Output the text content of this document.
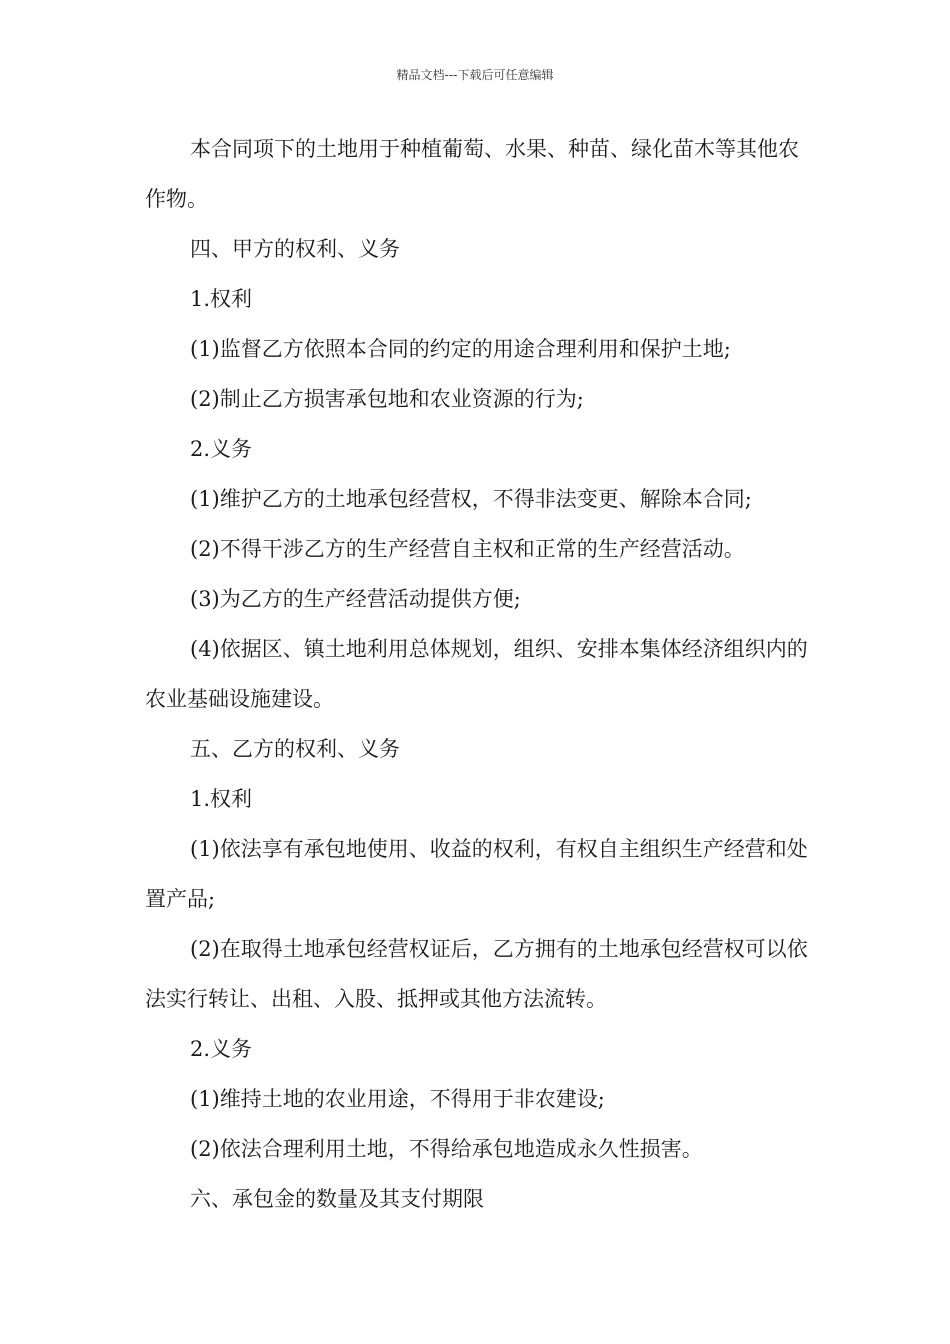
精品文档---下载后可任意编辑

本合同项下的土地用于种植葡萄、水果、种苗、绿化苗木等其他农作物。

四、甲方的权利、义务

1.权利

(1)监督乙方依照本合同的约定的用途合理利用和保护土地;

(2)制止乙方损害承包地和农业资源的行为;

2.义务

(1)维护乙方的土地承包经营权，不得非法变更、解除本合同;

(2)不得干涉乙方的生产经营自主权和正常的生产经营活动。

(3)为乙方的生产经营活动提供方便;

(4)依据区、镇土地利用总体规划，组织、安排本集体经济组织内的农业基础设施建设。

五、乙方的权利、义务

1.权利

(1)依法享有承包地使用、收益的权利，有权自主组织生产经营和处置产品;

(2)在取得土地承包经营权证后，乙方拥有的土地承包经营权可以依法实行转让、出租、入股、抵押或其他方法流转。

2.义务

(1)维持土地的农业用途，不得用于非农建设;

(2)依法合理利用土地，不得给承包地造成永久性损害。

六、承包金的数量及其支付期限
